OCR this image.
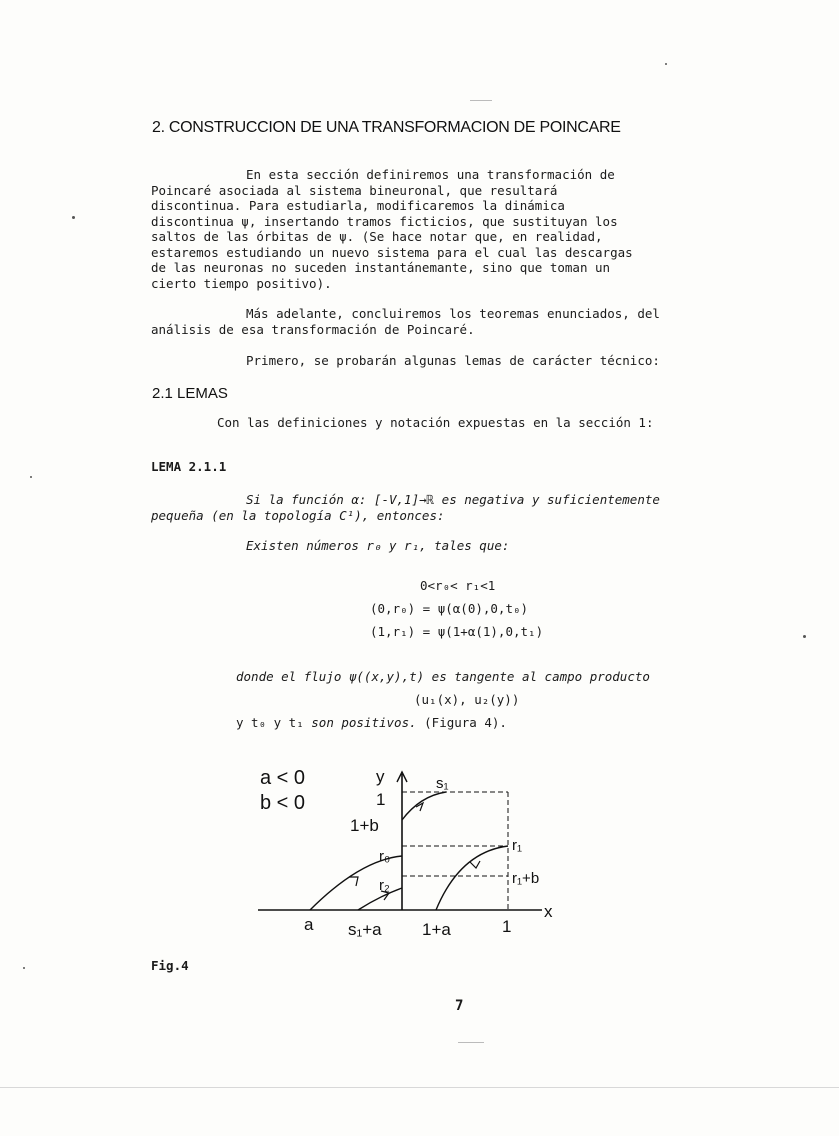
2. CONSTRUCCION DE UNA TRANSFORMACION DE POINCARE
En esta sección definiremos una transformación de
Poincaré asociada al sistema bineuronal, que resultará
discontinua. Para estudiarla, modificaremos la dinámica
discontinua ψ, insertando tramos ficticios, que sustituyan los
saltos de las órbitas de ψ. (Se hace notar que, en realidad,
estaremos estudiando un nuevo sistema para el cual las descargas
de las neuronas no suceden instantánemante, sino que toman un
cierto tiempo positivo).
Más adelante, concluiremos los teoremas enunciados, del
análisis de esa transformación de Poincaré.
Primero, se probarán algunas lemas de carácter técnico:
2.1 LEMAS
Con las definiciones y notación expuestas en la sección 1:
LEMA 2.1.1
Si la función α: [-V,1]→ℝ es negativa y suficientemente
pequeña (en la topología C¹), entonces:
Existen números r₀ y r₁, tales que:
0<r₀< r₁<1
(0,r₀) = ψ(α(0),0,t₀)
(1,r₁) = ψ(1+α(1),0,t₁)
donde el flujo ψ((x,y),t) es tangente al campo producto
(u₁(x), u₂(y))
y t₀ y t₁ son positivos. (Figura 4).
a < 0
b < 0
y
x
1
1+b
s₁
r₀
r₂
r₁
r₁+b
a s₁+a 1+a	1
Fig.4
7
